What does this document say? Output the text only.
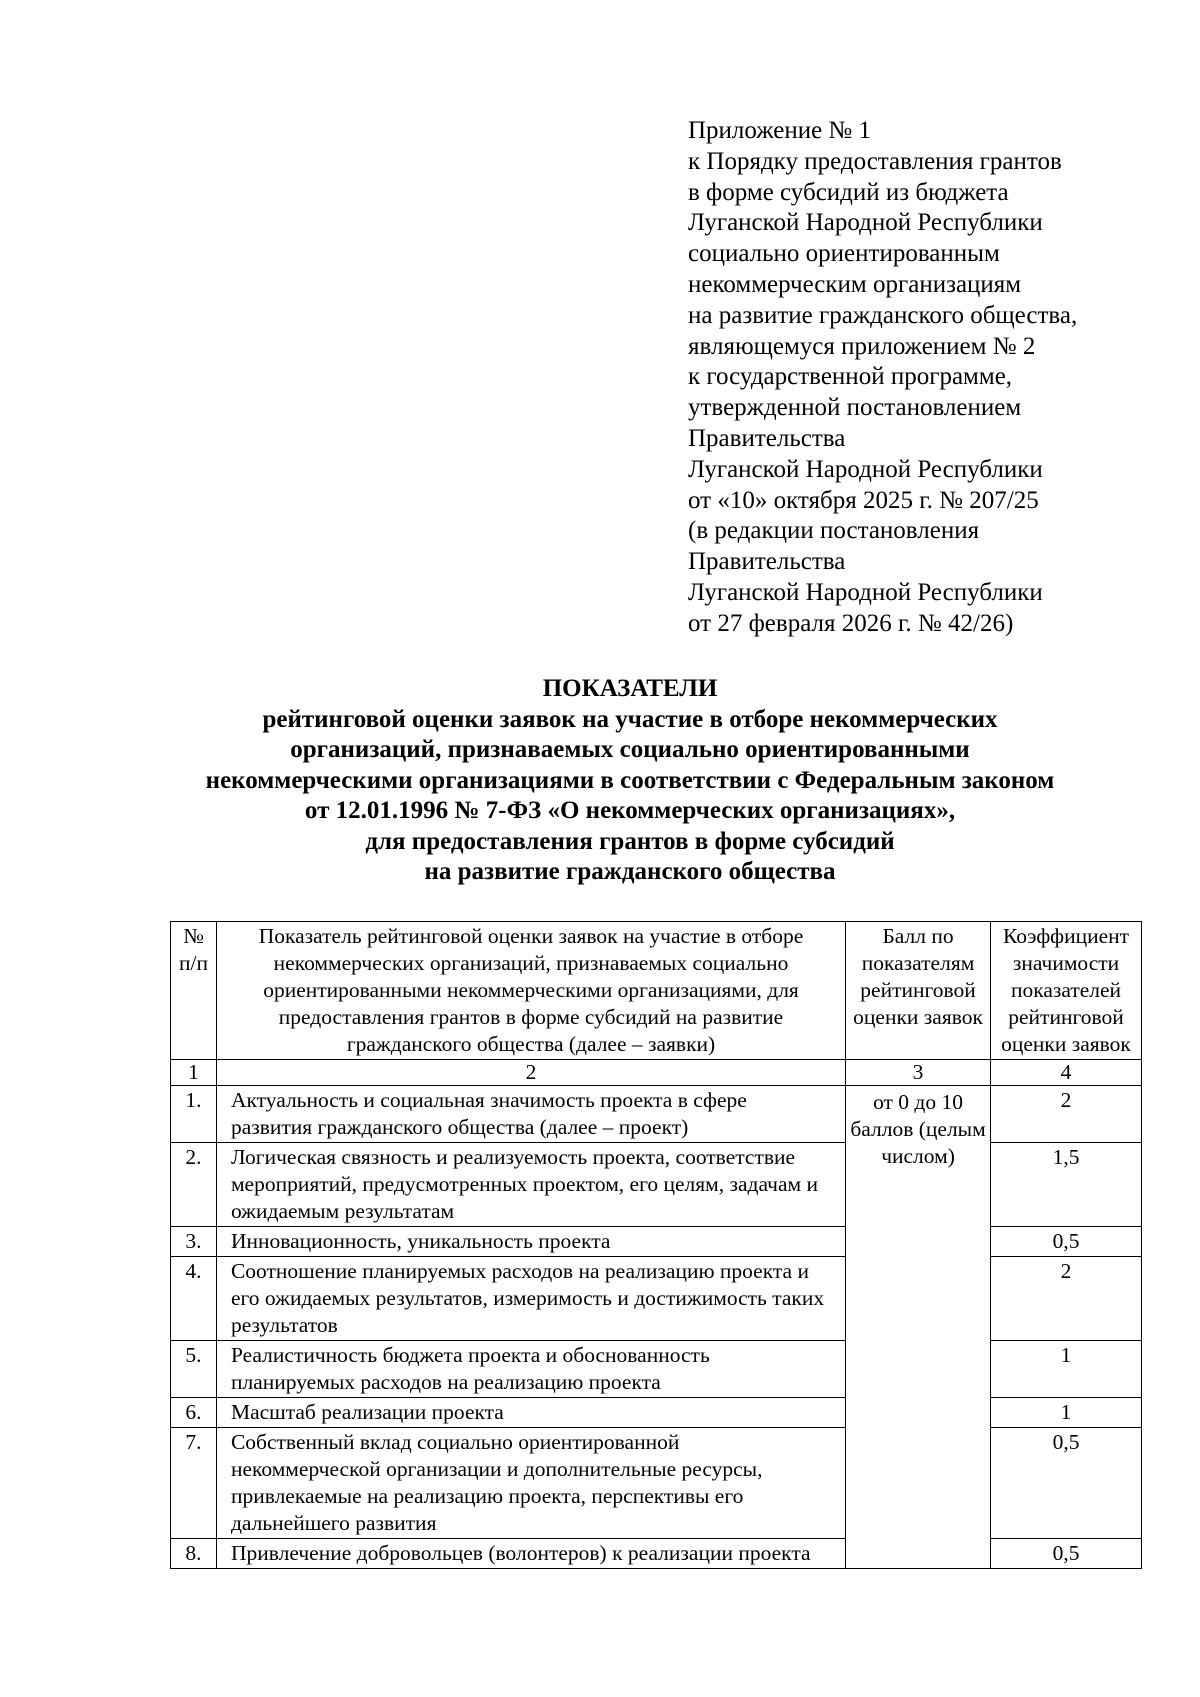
Приложение № 1
к Порядку предоставления грантов
в форме субсидий из бюджета
Луганской Народной Республики
социально ориентированным
некоммерческим организациям
на развитие гражданского общества,
являющемуся приложением № 2
к государственной программе,
утвержденной постановлением
Правительства
Луганской Народной Республики
от «10» октября 2025 г. № 207/25
(в редакции постановления
Правительства
Луганской Народной Республики
от 27 февраля 2026 г. № 42/26)
ПОКАЗАТЕЛИ
рейтинговой оценки заявок на участие в отборе некоммерческих
организаций, признаваемых социально ориентированными
некоммерческими организациями в соответствии с Федеральным законом
от 12.01.1996 № 7-ФЗ «О некоммерческих организациях»,
для предоставления грантов в форме субсидий
на развитие гражданского общества
№ п/п	Показатель рейтинговой оценки заявок на участие в отборе некоммерческих организаций, признаваемых социально ориентированными некоммерческими организациями, для предоставления грантов в форме субсидий на развитие гражданского общества (далее – заявки)	Балл по показателям рейтинговой оценки заявок	Коэффициент значимости показателей рейтинговой оценки заявок
1	2	3	4
1.	Актуальность и социальная значимость проекта в сфере развития гражданского общества (далее – проект)	от 0 до 10 баллов (целым числом)	2
2.	Логическая связность и реализуемость проекта, соответствие мероприятий, предусмотренных проектом, его целям, задачам и ожидаемым результатам		1,5
3.	Инновационность, уникальность проекта		0,5
4.	Соотношение планируемых расходов на реализацию проекта и его ожидаемых результатов, измеримость и достижимость таких результатов		2
5.	Реалистичность бюджета проекта и обоснованность планируемых расходов на реализацию проекта		1
6.	Масштаб реализации проекта		1
7.	Собственный вклад социально ориентированной некоммерческой организации и дополнительные ресурсы, привлекаемые на реализацию проекта, перспективы его дальнейшего развития		0,5
8.	Привлечение добровольцев (волонтеров) к реализации проекта		0,5
